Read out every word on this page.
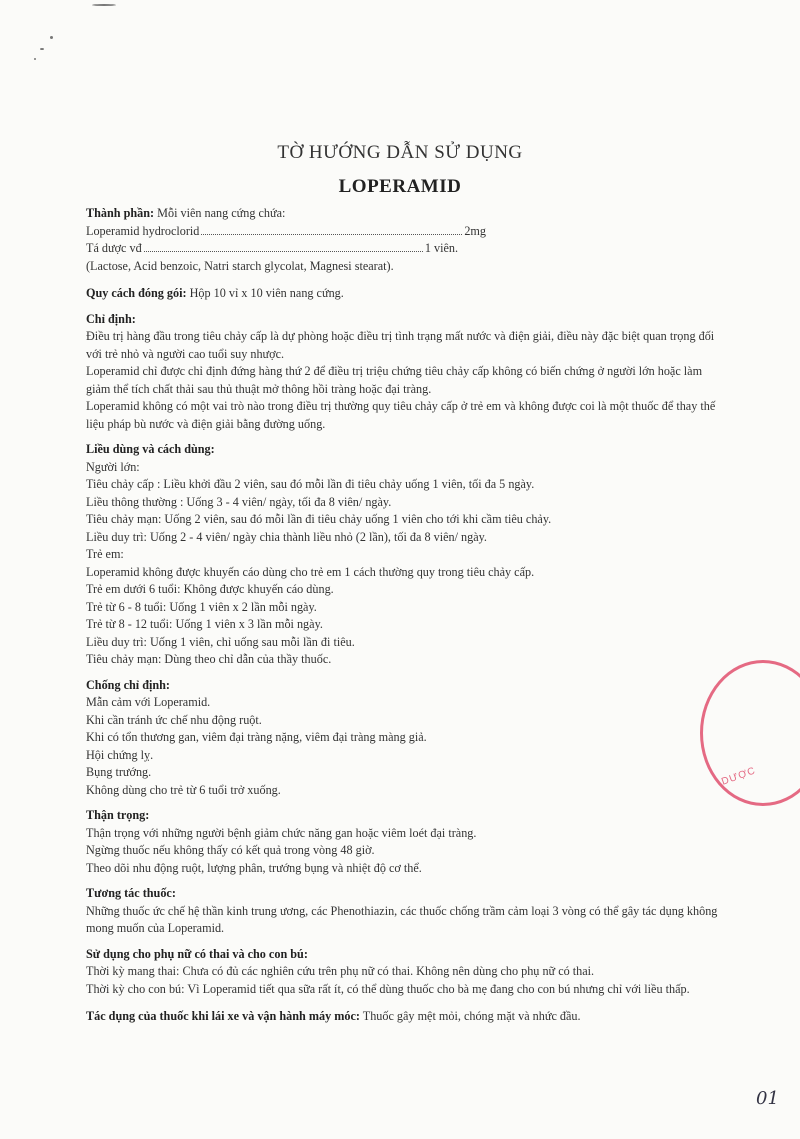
TỜ HƯỚNG DẪN SỬ DỤNG
LOPERAMID
Thành phần: Mỗi viên nang cứng chứa:
Loperamid hydroclorid	2mg
Tá dược vđ	1 viên.
(Lactose, Acid benzoic, Natri starch glycolat, Magnesi stearat).
Quy cách đóng gói: Hộp 10 vỉ x 10 viên nang cứng.
Chỉ định:
Điều trị hàng đầu trong tiêu chảy cấp là dự phòng hoặc điều trị tình trạng mất nước và điện giải, điều này đặc biệt quan trọng đối với trẻ nhỏ và người cao tuổi suy nhược.
Loperamid chỉ được chỉ định đứng hàng thứ 2 để điều trị triệu chứng tiêu chảy cấp không có biến chứng ở người lớn hoặc làm giảm thể tích chất thải sau thủ thuật mở thông hồi tràng hoặc đại tràng.
Loperamid không có một vai trò nào trong điều trị thường quy tiêu chảy cấp ở trẻ em và không được coi là một thuốc để thay thế liệu pháp bù nước và điện giải bằng đường uống.
Liều dùng và cách dùng:
Người lớn:
Tiêu chảy cấp : Liều khởi đầu 2 viên, sau đó mỗi lần đi tiêu chảy uống 1 viên, tối đa 5 ngày.
Liều thông thường : Uống 3 - 4 viên/ ngày, tối đa 8 viên/ ngày.
Tiêu chảy mạn: Uống 2 viên, sau đó mỗi lần đi tiêu chảy uống 1 viên cho tới khi cầm tiêu chảy.
Liều duy trì: Uống 2 - 4 viên/ ngày chia thành liều nhỏ (2 lần), tối đa 8 viên/ ngày.
Trẻ em:
Loperamid không được khuyến cáo dùng cho trẻ em 1 cách thường quy trong tiêu chảy cấp.
Trẻ em dưới 6 tuổi: Không được khuyến cáo dùng.
Trẻ từ 6 - 8 tuổi: Uống 1 viên x 2 lần mỗi ngày.
Trẻ từ 8 - 12 tuổi: Uống 1 viên x 3 lần mỗi ngày.
Liều duy trì: Uống 1 viên, chỉ uống sau mỗi lần đi tiêu.
Tiêu chảy mạn: Dùng theo chỉ dẫn của thầy thuốc.
Chống chỉ định:
Mẫn cảm với Loperamid.
Khi cần tránh ức chế nhu động ruột.
Khi có tổn thương gan, viêm đại tràng nặng, viêm đại tràng màng giả.
Hội chứng lỵ.
Bụng trướng.
Không dùng cho trẻ từ 6 tuổi trở xuống.
Thận trọng:
Thận trọng với những người bệnh giảm chức năng gan hoặc viêm loét đại tràng.
Ngừng thuốc nếu không thấy có kết quả trong vòng 48 giờ.
Theo dõi nhu động ruột, lượng phân, trướng bụng và nhiệt độ cơ thể.
Tương tác thuốc:
Những thuốc ức chế hệ thần kinh trung ương, các Phenothiazin, các thuốc chống trầm cảm loại 3 vòng có thể gây tác dụng không mong muốn của Loperamid.
Sử dụng cho phụ nữ có thai và cho con bú:
Thời kỳ mang thai: Chưa có đủ các nghiên cứu trên phụ nữ có thai. Không nên dùng cho phụ nữ có thai.
Thời kỳ cho con bú: Vì Loperamid tiết qua sữa rất ít, có thể dùng thuốc cho bà mẹ đang cho con bú nhưng chỉ với liều thấp.
Tác dụng của thuốc khi lái xe và vận hành máy móc: Thuốc gây mệt mỏi, chóng mặt và nhức đầu.
DƯỢC
01
